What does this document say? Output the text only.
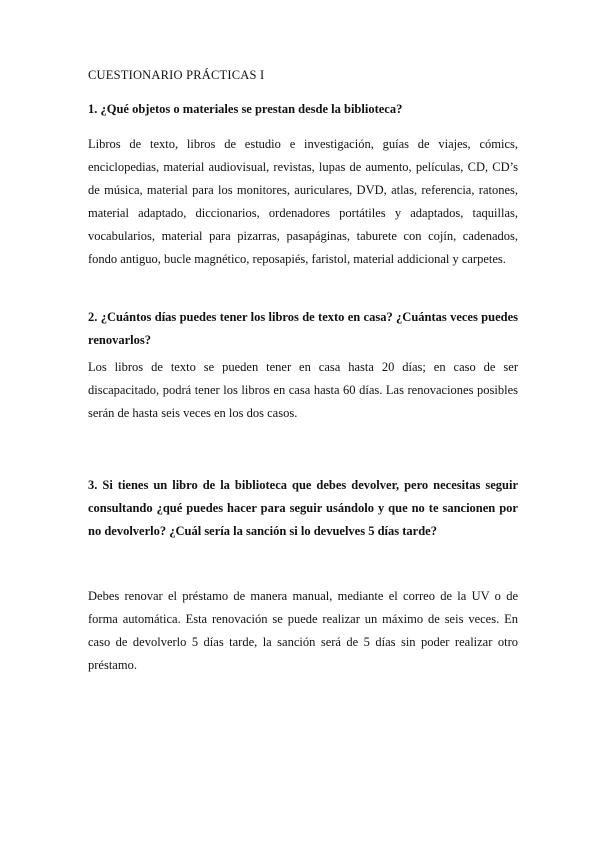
CUESTIONARIO PRÁCTICAS I
1. ¿Qué objetos o materiales se prestan desde la biblioteca?
Libros de texto, libros de estudio e investigación, guías de viajes, cómics, enciclopedias, material audiovisual, revistas, lupas de aumento, películas, CD, CD’s de música, material para los monitores, auriculares, DVD, atlas, referencia, ratones, material adaptado, diccionarios, ordenadores portátiles y adaptados, taquillas, vocabularios, material para pizarras, pasapáginas, taburete con cojín, cadenados, fondo antiguo, bucle magnético, reposapiés, faristol, material addicional y carpetes.
2. ¿Cuántos días puedes tener los libros de texto en casa? ¿Cuántas veces puedes renovarlos?
Los libros de texto se pueden tener en casa hasta 20 días; en caso de ser discapacitado, podrá tener los libros en casa hasta 60 días. Las renovaciones posibles serán de hasta seis veces en los dos casos.
3. Si tienes un libro de la biblioteca que debes devolver, pero necesitas seguir consultando ¿qué puedes hacer para seguir usándolo y que no te sancionen por no devolverlo? ¿Cuál sería la sanción si lo devuelves 5 días tarde?
Debes renovar el préstamo de manera manual, mediante el correo de la UV o de forma automática. Esta renovación se puede realizar un máximo de seis veces. En caso de devolverlo 5 días tarde, la sanción será de 5 días sin poder realizar otro préstamo.
